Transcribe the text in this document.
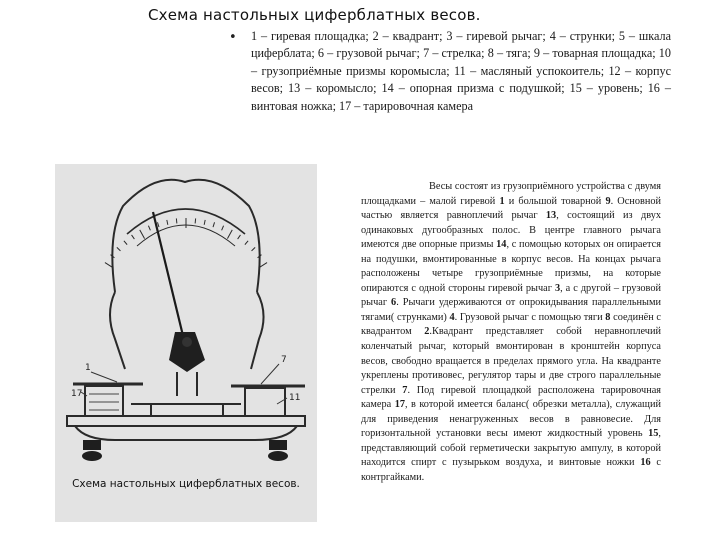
Схема настольных циферблатных весов.
• 1 – гиревая площадка; 2 – квадрант; 3 – гиревой рычаг; 4 – струнки; 5 – шкала циферблата; 6 – грузовой рычаг; 7 – стрелка; 8 – тяга; 9 – товарная площадка; 10 – грузоприёмные призмы коромысла; 11 – масляный успокоитель; 12 – корпус весов; 13 – коромысло; 14 – опорная призма с подушкой; 15 – уровень; 16 – винтовая ножка; 17 – тарировочная камера
1
7
17	11
Схема настольных циферблатных весов.
Весы состоят из грузоприёмного устройства с двумя площадками – малой гиревой 1 и большой товарной 9. Основной частью является равноплечий рычаг 13, состоящий из двух одинаковых дугообразных полос. В центре главного рычага имеются две опорные призмы 14, с помощью которых он опирается на подушки, вмонтированные в корпус весов. На концах рычага расположены четыре грузоприёмные призмы, на которые опираются с одной стороны гиревой рычаг 3, а с другой – грузовой рычаг 6. Рычаги удерживаются от опрокидывания параллельными тягами( струнками) 4. Грузовой рычаг с помощью тяги 8 соединён с квадрантом 2.Квадрант представляет собой неравноплечий коленчатый рычаг, который вмонтирован в кронштейн корпуса весов, свободно вращается в пределах прямого угла. На квадранте укреплены противовес, регулятор тары и две строго параллельные стрелки 7. Под гиревой площадкой расположена тарировочная камера 17, в которой имеется баланс( обрезки металла), служащий для приведения ненагруженных весов в равновесие. Для горизонтальной установки весы имеют жидкостный уровень 15, представляющий собой герметически закрытую ампулу, в которой находится спирт с пузырьком воздуха, и винтовые ножки 16 с контргайками.
